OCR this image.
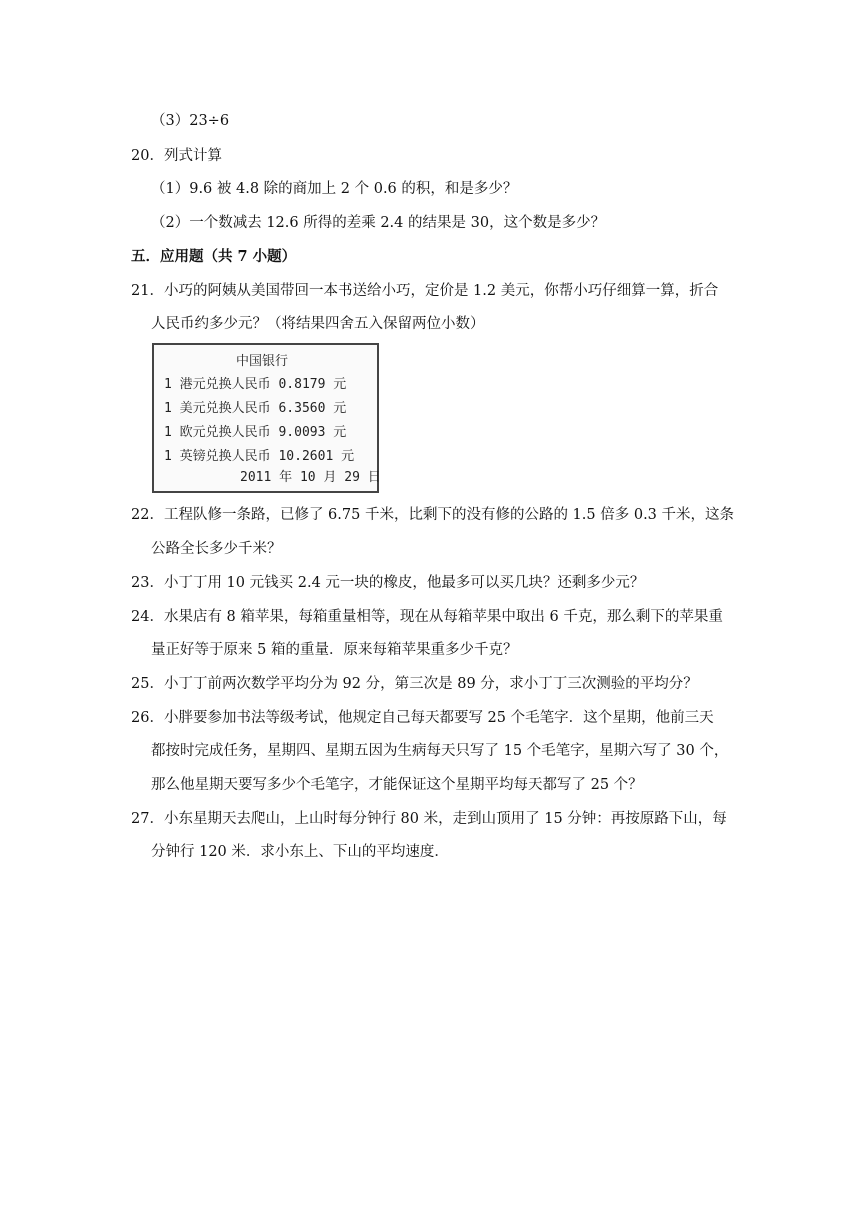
（3）23÷6
20．列式计算
（1）9.6 被 4.8 除的商加上 2 个 0.6 的积，和是多少？
（2）一个数减去 12.6 所得的差乘 2.4 的结果是 30，这个数是多少？
五．应用题（共 7 小题）
21．小巧的阿姨从美国带回一本书送给小巧，定价是 1.2 美元，你帮小巧仔细算一算，折合
人民币约多少元？（将结果四舍五入保留两位小数）
中国银行
1 港元兑换人民币 0.8179 元
1 美元兑换人民币 6.3560 元
1 欧元兑换人民币 9.0093 元
1 英镑兑换人民币 10.2601 元
2011 年 10 月 29 日
22．工程队修一条路，已修了 6.75 千米，比剩下的没有修的公路的 1.5 倍多 0.3 千米，这条
公路全长多少千米？
23．小丁丁用 10 元钱买 2.4 元一块的橡皮，他最多可以买几块？还剩多少元？
24．水果店有 8 箱苹果，每箱重量相等，现在从每箱苹果中取出 6 千克，那么剩下的苹果重
量正好等于原来 5 箱的重量．原来每箱苹果重多少千克？
25．小丁丁前两次数学平均分为 92 分，第三次是 89 分，求小丁丁三次测验的平均分？
26．小胖要参加书法等级考试，他规定自己每天都要写 25 个毛笔字．这个星期，他前三天
都按时完成任务，星期四、星期五因为生病每天只写了 15 个毛笔字，星期六写了 30 个，
那么他星期天要写多少个毛笔字，才能保证这个星期平均每天都写了 25 个？
27．小东星期天去爬山，上山时每分钟行 80 米，走到山顶用了 15 分钟：再按原路下山，每
分钟行 120 米．求小东上、下山的平均速度．
